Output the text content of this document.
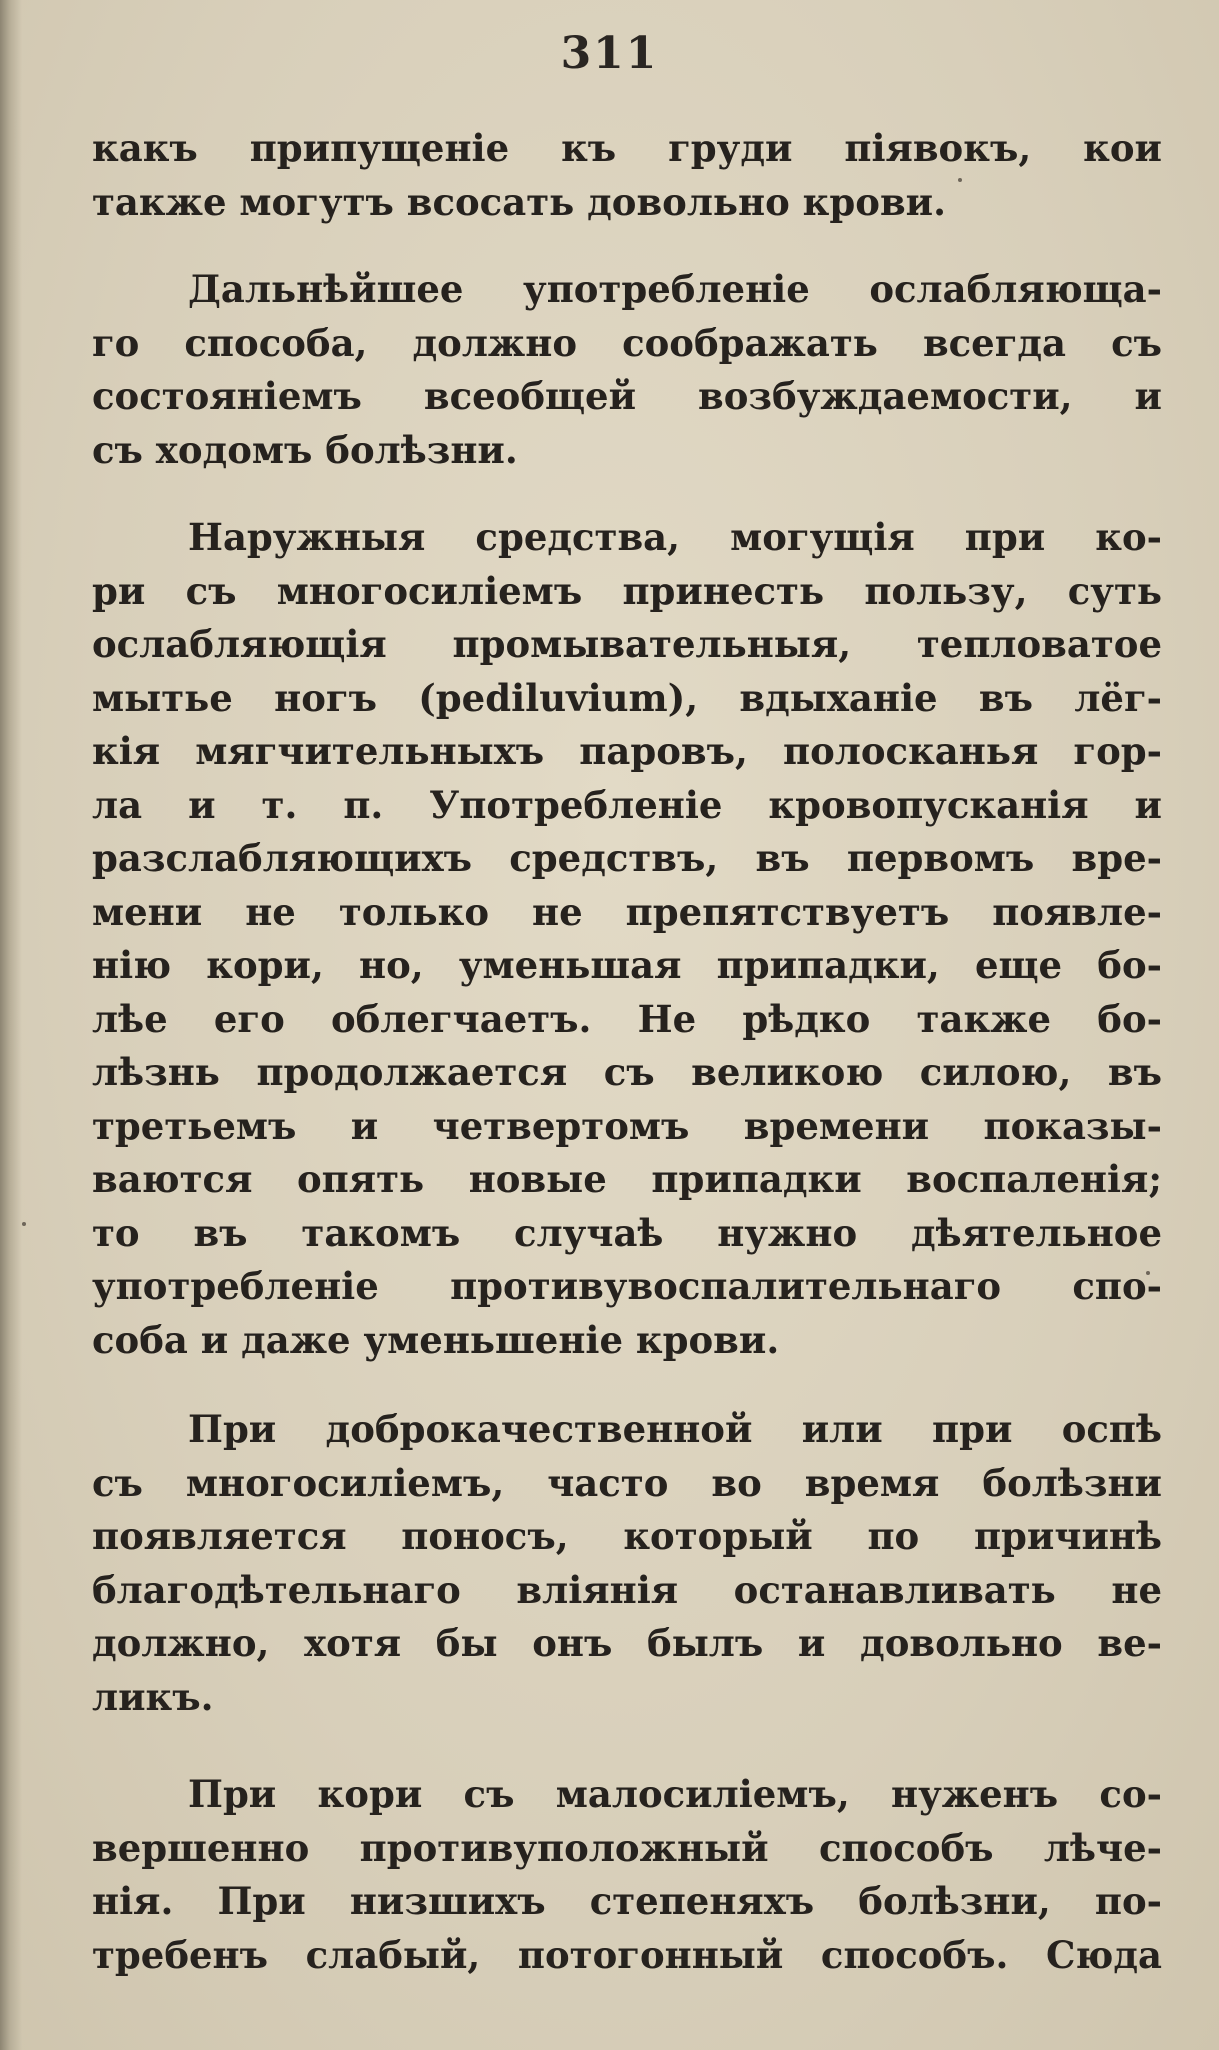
311
какъ припущеніе къ груди піявокъ, кои
также могутъ всосать довольно крови.
Дальнѣйшее употребленіе ослабляюща-
го способа, должно соображать всегда съ
состояніемъ всеобщей возбуждаемости, и
съ ходомъ болѣзни.
Наружныя средства, могущія при ко-
ри съ многосиліемъ принесть пользу, суть
ослабляющія промывательныя, тепловатое
мытье ногъ (pediluvium), вдыханіе въ лёг-
кія мягчительныхъ паровъ, полосканья гор-
ла и т. п. Употребленіе кровопусканія и
разслабляющихъ средствъ, въ первомъ вре-
мени не только не препятствуетъ появле-
нію кори, но, уменьшая припадки, еще бо-
лѣе его облегчаетъ. Не рѣдко также бо-
лѣзнь продолжается съ великою силою, въ
третьемъ и четвертомъ времени показы-
ваются опять новые припадки воспаленія;
то въ такомъ случаѣ нужно дѣятельное
употребленіе противувоспалительнаго спо-
соба и даже уменьшеніе крови.
При доброкачественной или при оспѣ
съ многосиліемъ, часто во время болѣзни
появляется поносъ, который по причинѣ
благодѣтельнаго вліянія останавливать не
должно, хотя бы онъ былъ и довольно ве-
ликъ.
При кори съ малосиліемъ, нуженъ со-
вершенно противуположный способъ лѣче-
нія. При низшихъ степеняхъ болѣзни, по-
требенъ слабый, потогонный способъ. Сюда
